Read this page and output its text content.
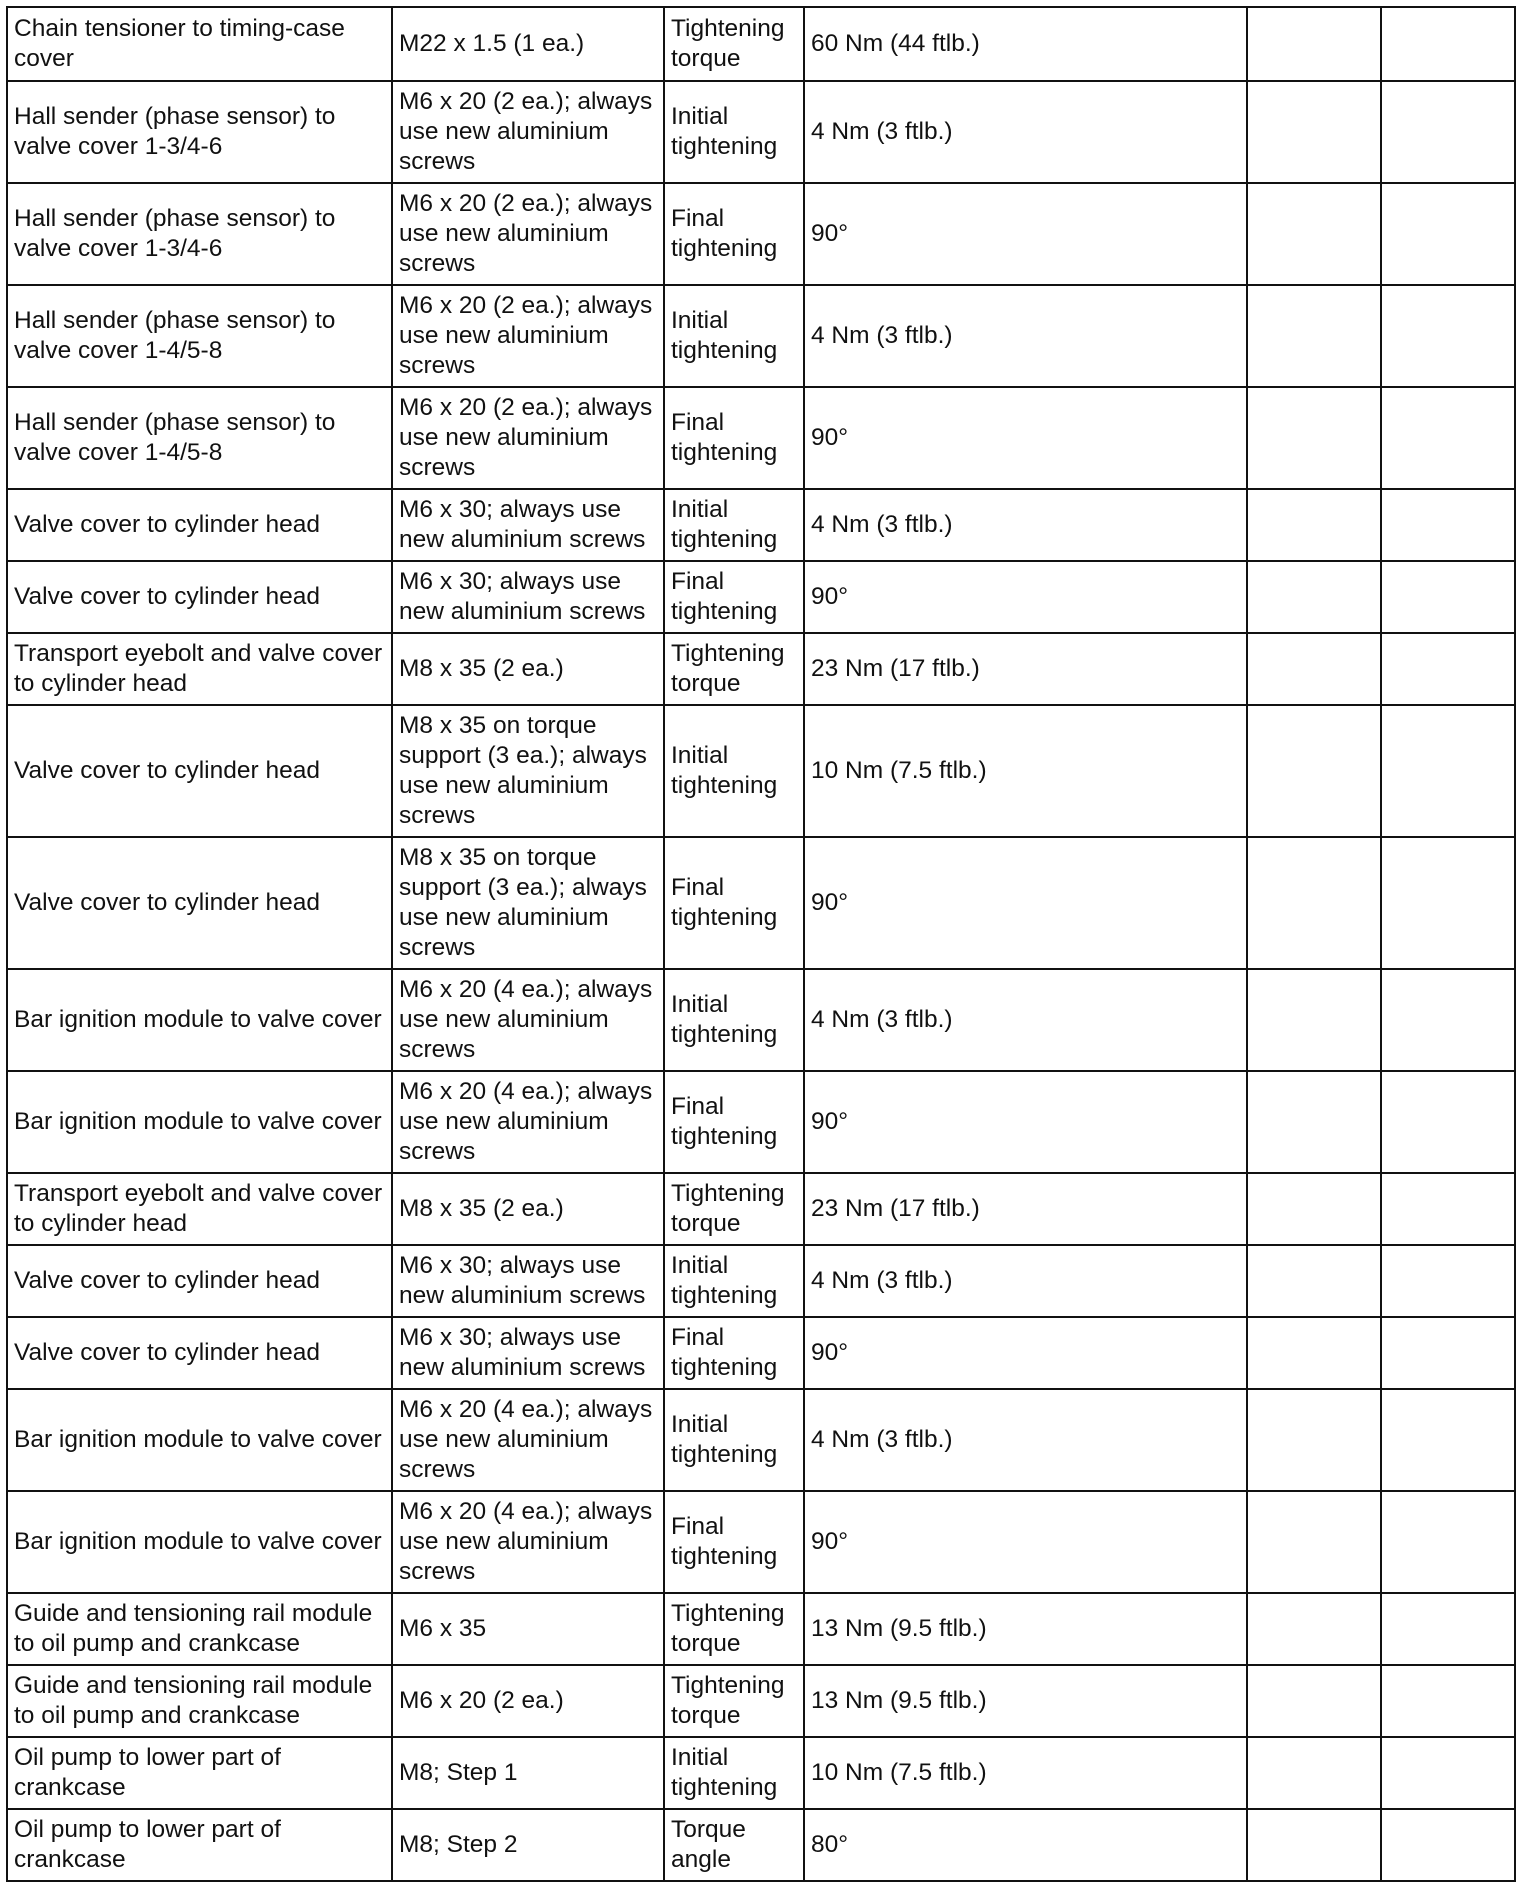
Chain tensioner to timing-case cover	M22 x 1.5 (1 ea.)	Tightening torque	60 Nm (44 ftlb.)		
Hall sender (phase sensor) to valve cover 1-3/4-6	M6 x 20 (2 ea.); always use new aluminium screws	Initial tightening	4 Nm (3 ftlb.)		
Hall sender (phase sensor) to valve cover 1-3/4-6	M6 x 20 (2 ea.); always use new aluminium screws	Final tightening	90°		
Hall sender (phase sensor) to valve cover 1-4/5-8	M6 x 20 (2 ea.); always use new aluminium screws	Initial tightening	4 Nm (3 ftlb.)		
Hall sender (phase sensor) to valve cover 1-4/5-8	M6 x 20 (2 ea.); always use new aluminium screws	Final tightening	90°		
Valve cover to cylinder head	M6 x 30; always use new aluminium screws	Initial tightening	4 Nm (3 ftlb.)		
Valve cover to cylinder head	M6 x 30; always use new aluminium screws	Final tightening	90°		
Transport eyebolt and valve cover to cylinder head	M8 x 35 (2 ea.)	Tightening torque	23 Nm (17 ftlb.)		
Valve cover to cylinder head	M8 x 35 on torque support (3 ea.); always use new aluminium screws	Initial tightening	10 Nm (7.5 ftlb.)		
Valve cover to cylinder head	M8 x 35 on torque support (3 ea.); always use new aluminium screws	Final tightening	90°		
Bar ignition module to valve cover	M6 x 20 (4 ea.); always use new aluminium screws	Initial tightening	4 Nm (3 ftlb.)		
Bar ignition module to valve cover	M6 x 20 (4 ea.); always use new aluminium screws	Final tightening	90°		
Transport eyebolt and valve cover to cylinder head	M8 x 35 (2 ea.)	Tightening torque	23 Nm (17 ftlb.)		
Valve cover to cylinder head	M6 x 30; always use new aluminium screws	Initial tightening	4 Nm (3 ftlb.)		
Valve cover to cylinder head	M6 x 30; always use new aluminium screws	Final tightening	90°		
Bar ignition module to valve cover	M6 x 20 (4 ea.); always use new aluminium screws	Initial tightening	4 Nm (3 ftlb.)		
Bar ignition module to valve cover	M6 x 20 (4 ea.); always use new aluminium screws	Final tightening	90°		
Guide and tensioning rail module to oil pump and crankcase	M6 x 35	Tightening torque	13 Nm (9.5 ftlb.)		
Guide and tensioning rail module to oil pump and crankcase	M6 x 20 (2 ea.)	Tightening torque	13 Nm (9.5 ftlb.)		
Oil pump to lower part of crankcase	M8; Step 1	Initial tightening	10 Nm (7.5 ftlb.)		
Oil pump to lower part of crankcase	M8; Step 2	Torque angle	80°		
